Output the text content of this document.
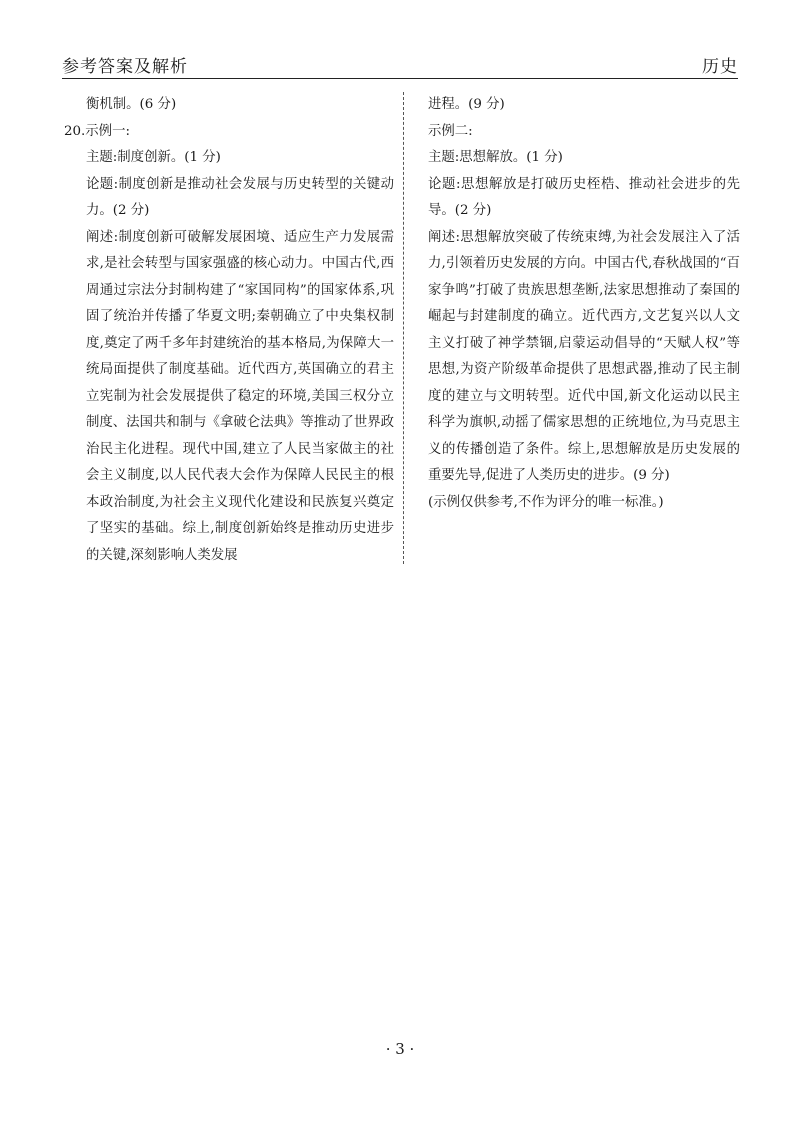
参考答案及解析	历史
衡机制。(6 分)
20.示例一:
主题:制度创新。(1 分)
论题:制度创新是推动社会发展与历史转型的关键动力。(2 分)
阐述:制度创新可破解发展困境、适应生产力发展需求,是社会转型与国家强盛的核心动力。中国古代,西周通过宗法分封制构建了“家国同构”的国家体系,巩固了统治并传播了华夏文明;秦朝确立了中央集权制度,奠定了两千多年封建统治的基本格局,为保障大一统局面提供了制度基础。近代西方,英国确立的君主立宪制为社会发展提供了稳定的环境,美国三权分立制度、法国共和制与《拿破仑法典》等推动了世界政治民主化进程。现代中国,建立了人民当家做主的社会主义制度,以人民代表大会作为保障人民民主的根本政治制度,为社会主义现代化建设和民族复兴奠定了坚实的基础。综上,制度创新始终是推动历史进步的关键,深刻影响人类发展
进程。(9 分)
示例二:
主题:思想解放。(1 分)
论题:思想解放是打破历史桎梏、推动社会进步的先导。(2 分)
阐述:思想解放突破了传统束缚,为社会发展注入了活力,引领着历史发展的方向。中国古代,春秋战国的“百家争鸣”打破了贵族思想垄断,法家思想推动了秦国的崛起与封建制度的确立。近代西方,文艺复兴以人文主义打破了神学禁锢,启蒙运动倡导的“天赋人权”等思想,为资产阶级革命提供了思想武器,推动了民主制度的建立与文明转型。近代中国,新文化运动以民主科学为旗帜,动摇了儒家思想的正统地位,为马克思主义的传播创造了条件。综上,思想解放是历史发展的重要先导,促进了人类历史的进步。(9 分)
(示例仅供参考,不作为评分的唯一标准。)
· 3 ·
